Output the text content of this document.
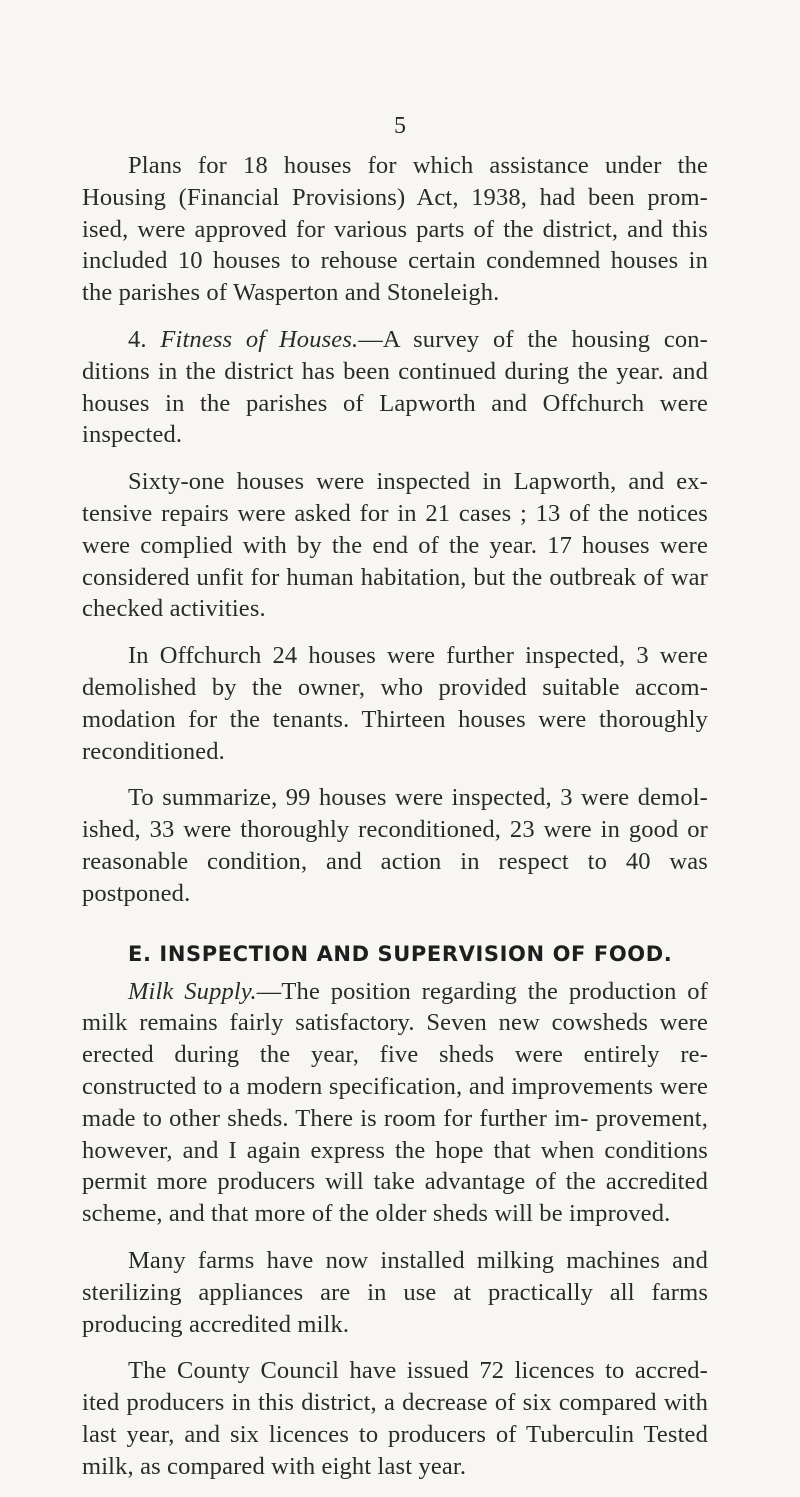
5

Plans for 18 houses for which assistance under the Housing (Financial Provisions) Act, 1938, had been prom- ised, were approved for various parts of the district, and this included 10 houses to rehouse certain condemned houses in the parishes of Wasperton and Stoneleigh.

4. Fitness of Houses.—A survey of the housing con- ditions in the district has been continued during the year. and houses in the parishes of Lapworth and Offchurch were inspected.

Sixty-one houses were inspected in Lapworth, and ex- tensive repairs were asked for in 21 cases ; 13 of the notices were complied with by the end of the year. 17 houses were considered unfit for human habitation, but the outbreak of war checked activities.

In Offchurch 24 houses were further inspected, 3 were demolished by the owner, who provided suitable accom- modation for the tenants. Thirteen houses were thoroughly reconditioned.

To summarize, 99 houses were inspected, 3 were demol- ished, 33 were thoroughly reconditioned, 23 were in good or reasonable condition, and action in respect to 40 was postponed.

E. INSPECTION AND SUPERVISION OF FOOD.

Milk Supply.—The position regarding the production of milk remains fairly satisfactory. Seven new cowsheds were erected during the year, five sheds were entirely re- constructed to a modern specification, and improvements were made to other sheds. There is room for further im- provement, however, and I again express the hope that when conditions permit more producers will take advantage of the accredited scheme, and that more of the older sheds will be improved.

Many farms have now installed milking machines and sterilizing appliances are in use at practically all farms producing accredited milk.

The County Council have issued 72 licences to accred- ited producers in this district, a decrease of six compared with last year, and six licences to producers of Tuberculin Tested milk, as compared with eight last year.
